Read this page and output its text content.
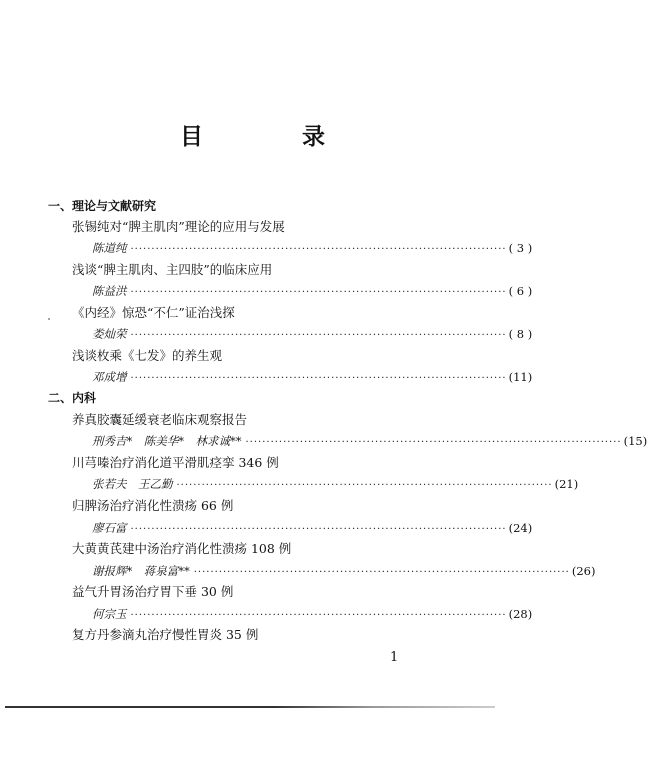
目　录
一、理论与文献研究
张锡纯对“脾主肌肉”理论的应用与发展
陈道纯 ·························································································· ( 3 )
浅谈“脾主肌肉、主四肢”的临床应用
陈益洪 ·························································································· ( 6 )
《内经》惊恐“不仁”证治浅探
娄灿荣 ·························································································· ( 8 )
浅谈枚乘《七发》的养生观
邓成增 ·························································································· (11)
二、内科
养真胶囊延缓衰老临床观察报告
刑秀吉*　陈美华*　林求诚** ·························································································· (15)
川芎嗪治疗消化道平滑肌痉挛 346 例
张若夫　王乙勤 ·························································································· (21)
归脾汤治疗消化性溃疡 66 例
廖石富 ·························································································· (24)
大黄黄芪建中汤治疗消化性溃疡 108 例
谢报辉*　蒋泉富** ·························································································· (26)
益气升胃汤治疗胃下垂 30 例
何宗玉 ·························································································· (28)
复方丹参滴丸治疗慢性胃炎 35 例
1
